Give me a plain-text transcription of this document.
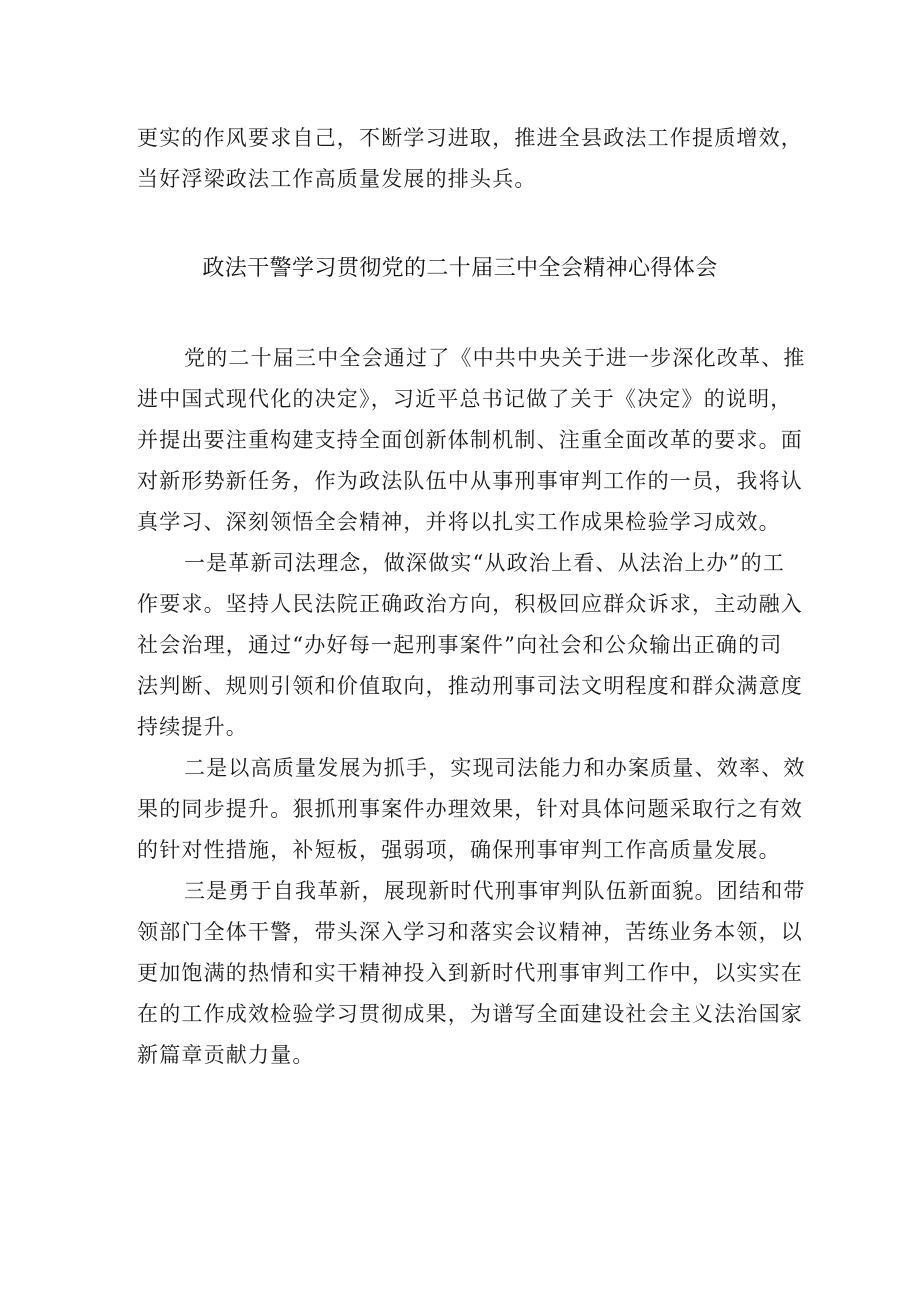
更实的作风要求自己，不断学习进取，推进全县政法工作提质增效，
当好浮梁政法工作高质量发展的排头兵。
政法干警学习贯彻党的二十届三中全会精神心得体会
党的二十届三中全会通过了《中共中央关于进一步深化改革、推
进中国式现代化的决定》，习近平总书记做了关于《决定》的说明，
并提出要注重构建支持全面创新体制机制、注重全面改革的要求。面
对新形势新任务，作为政法队伍中从事刑事审判工作的一员，我将认
真学习、深刻领悟全会精神，并将以扎实工作成果检验学习成效。
一是革新司法理念，做深做实“从政治上看、从法治上办”的工
作要求。坚持人民法院正确政治方向，积极回应群众诉求，主动融入
社会治理，通过“办好每一起刑事案件”向社会和公众输出正确的司
法判断、规则引领和价值取向，推动刑事司法文明程度和群众满意度
持续提升。
二是以高质量发展为抓手，实现司法能力和办案质量、效率、效
果的同步提升。狠抓刑事案件办理效果，针对具体问题采取行之有效
的针对性措施，补短板，强弱项，确保刑事审判工作高质量发展。
三是勇于自我革新，展现新时代刑事审判队伍新面貌。团结和带
领部门全体干警，带头深入学习和落实会议精神，苦练业务本领，以
更加饱满的热情和实干精神投入到新时代刑事审判工作中，以实实在
在的工作成效检验学习贯彻成果，为谱写全面建设社会主义法治国家
新篇章贡献力量。
